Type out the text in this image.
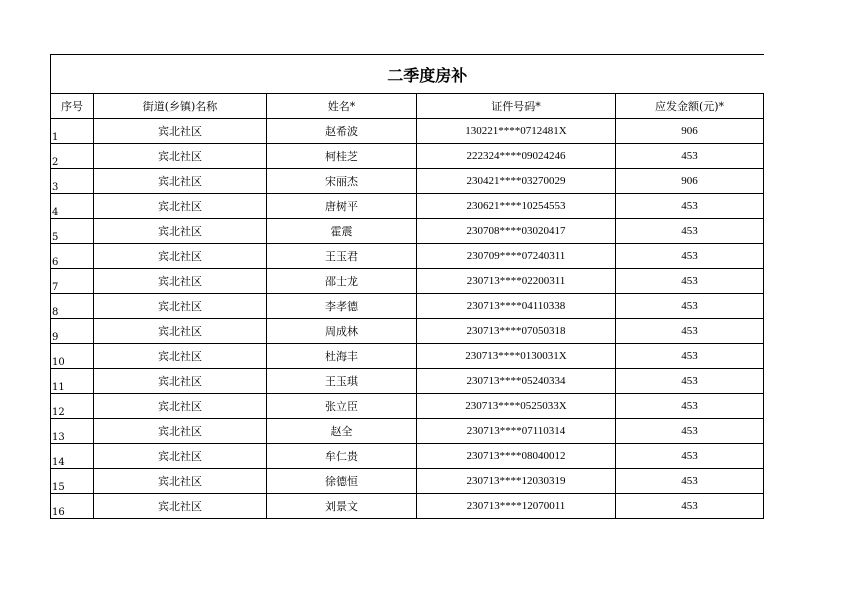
二季度房补				
序号	街道(乡镇)名称	姓名*	证件号码*	应发金额(元)*
1	宾北社区	赵希波	130221****0712481X	906
2	宾北社区	柯桂芝	222324****09024246	453
3	宾北社区	宋丽杰	230421****03270029	906
4	宾北社区	唐树平	230621****10254553	453
5	宾北社区	霍震	230708****03020417	453
6	宾北社区	王玉君	230709****07240311	453
7	宾北社区	邵士龙	230713****02200311	453
8	宾北社区	李孝德	230713****04110338	453
9	宾北社区	周成林	230713****07050318	453
10	宾北社区	杜海丰	230713****0130031X	453
11	宾北社区	王玉琪	230713****05240334	453
12	宾北社区	张立臣	230713****0525033X	453
13	宾北社区	赵全	230713****07110314	453
14	宾北社区	牟仁贵	230713****08040012	453
15	宾北社区	徐德恒	230713****12030319	453
16	宾北社区	刘景文	230713****12070011	453
